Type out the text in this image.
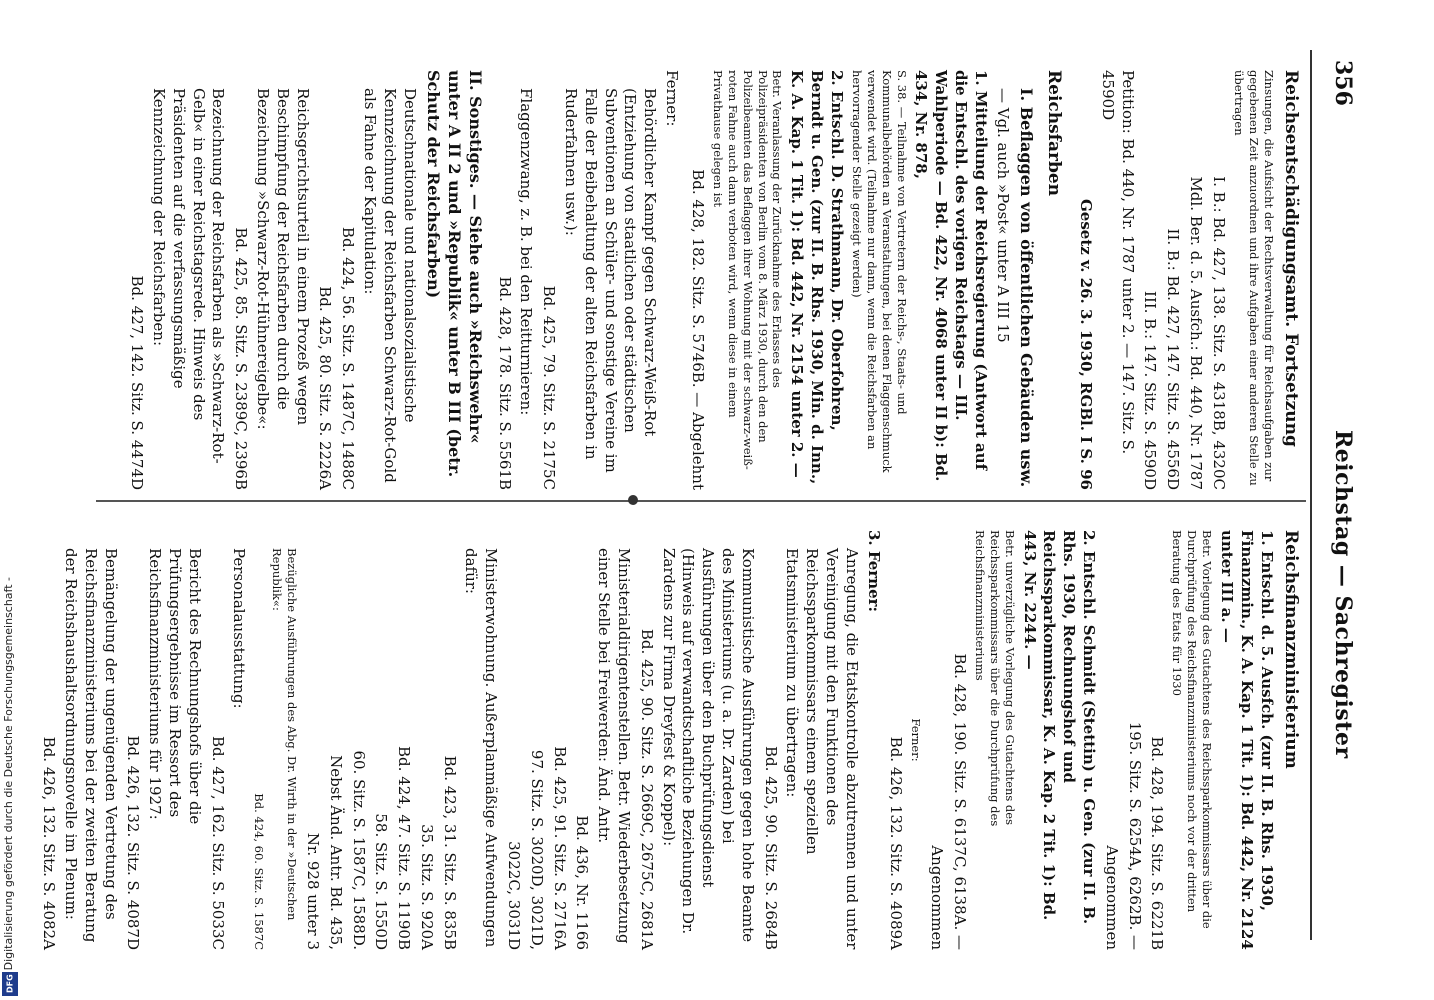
356
Reichstag — Sachregister
Reichsentschädigungsamt. Fortsetzung
Zinsungen, die Aufsicht der Rechtsverwaltung für Reichsaufgaben zur gegebenen Zeit anzuordnen und ihre Aufgaben einer anderen Stelle zu übertragen
I. B.: Bd. 427, 138. Sitz. S. 4318B, 4320C
Mdl. Ber. d. 5. Ausfch.: Bd. 440, Nr. 1787
II. B.: Bd. 427, 147. Sitz. S. 4556D
III. B.: 147. Sitz. S. 4590D
Petition: Bd. 440, Nr. 1787 unter 2. — 147. Sitz. S. 4590D
Gesetz v. 26. 3. 1930, RGBl. I S. 96
Reichsfarben
I. Beflaggen von öffentlichen Gebäuden usw.
— Vgl. auch »Post« unter A III 15
1. Mitteilung der Reichsregierung (Antwort auf die Entschl. des vorigen Reichstags — III. Wahlperiode — Bd. 422, Nr. 4068 unter II b): Bd. 434, Nr. 878,
S. 38. — Teilnahme von Vertretern der Reichs-, Staats- und Kommunalbehörden an Veranstaltungen, bei denen Flaggenschmuck verwendet wird. (Teilnahme nur dann, wenn die Reichsfarben an hervorragender Stelle gezeigt werden)
2. Entschl. D. Strathmann, Dr. Oberfohren, Berndt u. Gen. (zur II. B. Rhs. 1930, Min. d. Inn., K. A. Kap. 1 Tit. 1): Bd. 442, Nr. 2154 unter 2. —
Betr. Veranlassung der Zurücknahme des Erlasses des Polizeipräsidenten von Berlin vom 8. März 1930, durch den den Polizeibeamten das Beflaggen ihrer Wohnung mit der schwarz-weiß-roten Fahne auch dann verboten wird, wenn diese in einem Privathause gelegen ist
Bd. 428, 182. Sitz. S. 5746B. — Abgelehnt
Ferner:
Behördlicher Kampf gegen Schwarz-Weiß-Rot (Entziehung von staatlichen oder städtischen Subventionen an Schüler- und sonstige Vereine im Falle der Beibehaltung der alten Reichsfarben in Ruderfahnen usw.):
Bd. 425, 79. Sitz. S. 2175C
Flaggenzwang, z. B. bei den Reitturnieren:
Bd. 428, 178. Sitz. S. 5561B
II. Sonstiges. — Siehe auch »Reichswehr« unter A II 2 und »Republik« unter B III (betr. Schutz der Reichsfarben)
Deutschnationale und nationalsozialistische Kennzeichnung der Reichsfarben Schwarz-Rot-Gold als Fahne der Kapitulation:
Bd. 424, 56. Sitz. S. 1487C, 1488C
Bd. 425, 80. Sitz. S. 2226A
Reichsgerichtsurteil in einem Prozeß wegen Beschimpfung der Reichsfarben durch die Bezeichnung »Schwarz-Rot-Hühnereigelbe«:
Bd. 425, 85. Sitz. S. 2389C, 2396B
Bezeichnung der Reichsfarben als »Schwarz-Rot-Gelb« in einer Reichstagsrede. Hinweis des Präsidenten auf die verfassungsmäßige Kennzeichnung der Reichsfarben:
Bd. 427, 142. Sitz. S. 4474D
Reichsfinanzministerium
1. Entschl. d. 5. Ausfch. (zur II. B. Rhs. 1930, Finanzmin., K. A. Kap. 1 Tit. 1): Bd. 442, Nr. 2124 unter III a. —
Betr. Vorlegung des Gutachtens des Reichssparkommissars über die Durchprüfung des Reichsfinanzministeriums noch vor der dritten Beratung des Etats für 1930
Bd. 428, 194. Sitz. S. 6221B
195. Sitz. S. 6254A, 6262B. —
Angenommen
2. Entschl. Schmidt (Stettin) u. Gen. (zur II. B. Rhs. 1930, Rechnungshof und Reichssparkommissar, K. A. Kap. 2 Tit. 1): Bd. 443, Nr. 2244. —
Betr. unverzügliche Vorlegung des Gutachtens des Reichssparkommissars über die Durchprüfung des Reichsfinanzministeriums
Bd. 428, 190. Sitz. S. 6137C, 6138A. —
Angenommen
Ferner:
Bd. 426, 132. Sitz. S. 4089A
3. Ferner:
Anregung, die Etatskontrolle abzutrennen und unter Vereinigung mit den Funktionen des Reichssparkommissars einem speziellen Etatsministerium zu übertragen:
Bd. 425, 90. Sitz. S. 2684B
Kommunistische Ausführungen gegen hohe Beamte des Ministeriums (u. a. Dr. Zarden) bei Ausführungen über den Buchprüfungsdienst (Hinweis auf verwandtschaftliche Beziehungen Dr. Zardens zur Firma Dreyfest & Koppel):
Bd. 425, 90. Sitz. S. 2669C, 2675C, 2681A
Ministerialdirigentenstellen. Betr. Wiederbesetzung einer Stelle bei Freiwerden: Änd. Antr.
Bd. 436, Nr. 1166
Bd. 425, 91. Sitz. S. 2716A
97. Sitz. S. 3020D, 3021D,
3022C, 3031D
Ministerwohnung. Außerplanmäßige Aufwendungen dafür:
Bd. 423, 31. Sitz. S. 835B
35. Sitz. S. 920A
Bd. 424, 47. Sitz. S. 1190B
58. Sitz. S. 1550D
60. Sitz. S. 1587C, 1588D.
Nebst Änd. Antr. Bd. 435,
Nr. 928 unter 3
Bezügliche Ausführungen des Abg. Dr. Wirth in der »Deutschen Republik«:
Bd. 424, 60. Sitz. S. 1587C
Personalausstattung:
Bd. 427, 162. Sitz. S. 5033C
Bericht des Rechnungshofs über die Prüfungsergebnisse im Ressort des Reichsfinanzministeriums für 1927:
Bd. 426, 132. Sitz. S. 4087D
Bemängelung der ungenügenden Vertretung des Reichsfinanzministeriums bei der zweiten Beratung der Reichshaushaltsordnungsnovelle im Plenum:
Bd. 426, 132. Sitz. S. 4082A
Digitalisierung gefördert durch die Deutsche Forschungsgemeinschaft -
DFG
